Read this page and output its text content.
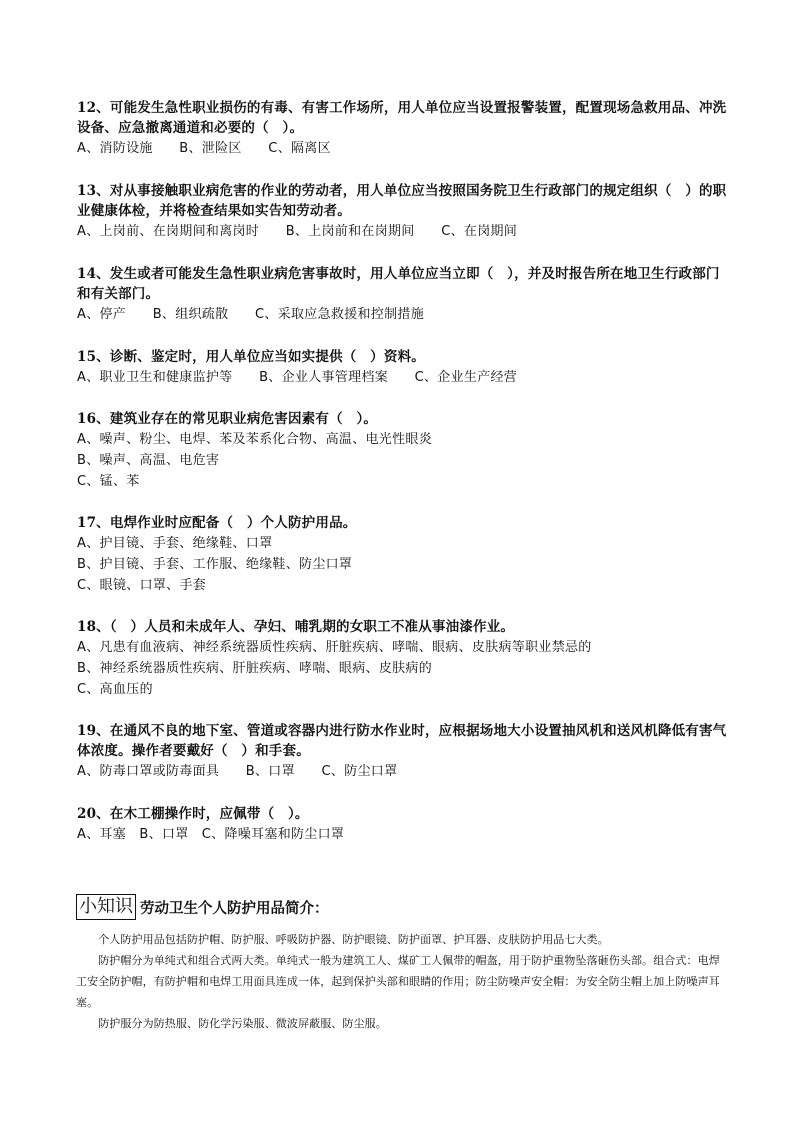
12、可能发生急性职业损伤的有毒、有害工作场所，用人单位应当设置报警装置，配置现场急救用品、冲洗设备、应急撤离通道和必要的（　）。

A、消防设施　　B、泄险区　　C、隔离区

13、对从事接触职业病危害的作业的劳动者，用人单位应当按照国务院卫生行政部门的规定组织（　）的职业健康体检，并将检查结果如实告知劳动者。

A、上岗前、在岗期间和离岗时　　B、上岗前和在岗期间　　C、在岗期间

14、发生或者可能发生急性职业病危害事故时，用人单位应当立即（　），并及时报告所在地卫生行政部门和有关部门。

A、停产　　B、组织疏散　　C、采取应急救援和控制措施

15、诊断、鉴定时，用人单位应当如实提供（　）资料。

A、职业卫生和健康监护等　　B、企业人事管理档案　　C、企业生产经营

16、建筑业存在的常见职业病危害因素有（　）。

A、噪声、粉尘、电焊、苯及苯系化合物、高温、电光性眼炎

B、噪声、高温、电危害

C、锰、苯

17、电焊作业时应配备（　）个人防护用品。

A、护目镜、手套、绝缘鞋、口罩

B、护目镜、手套、工作服、绝缘鞋、防尘口罩

C、眼镜、口罩、手套

18、（　）人员和未成年人、孕妇、哺乳期的女职工不准从事油漆作业。

A、凡患有血液病、神经系统器质性疾病、肝脏疾病、哮喘、眼病、皮肤病等职业禁忌的

B、神经系统器质性疾病、肝脏疾病、哮喘、眼病、皮肤病的

C、高血压的

19、在通风不良的地下室、管道或容器内进行防水作业时，应根据场地大小设置抽风机和送风机降低有害气体浓度。操作者要戴好（　）和手套。

A、防毒口罩或防毒面具　　B、口罩　　C、防尘口罩

20、在木工棚操作时，应佩带（　）。

A、耳塞　B、口罩　C、降噪耳塞和防尘口罩

小知识 劳动卫生个人防护用品简介：

　　个人防护用品包括防护帽、防护服、呼吸防护器、防护眼镜、防护面罩、护耳器、皮肤防护用品七大类。

　　防护帽分为单纯式和组合式两大类。单纯式一般为建筑工人、煤矿工人佩带的帽盔，用于防护重物坠落砸伤头部。组合式：电焊工安全防护帽，有防护帽和电焊工用面具连成一体，起到保护头部和眼睛的作用；防尘防噪声安全帽：为安全防尘帽上加上防噪声耳塞。

　　防护服分为防热服、防化学污染服、微波屏蔽服、防尘服。
